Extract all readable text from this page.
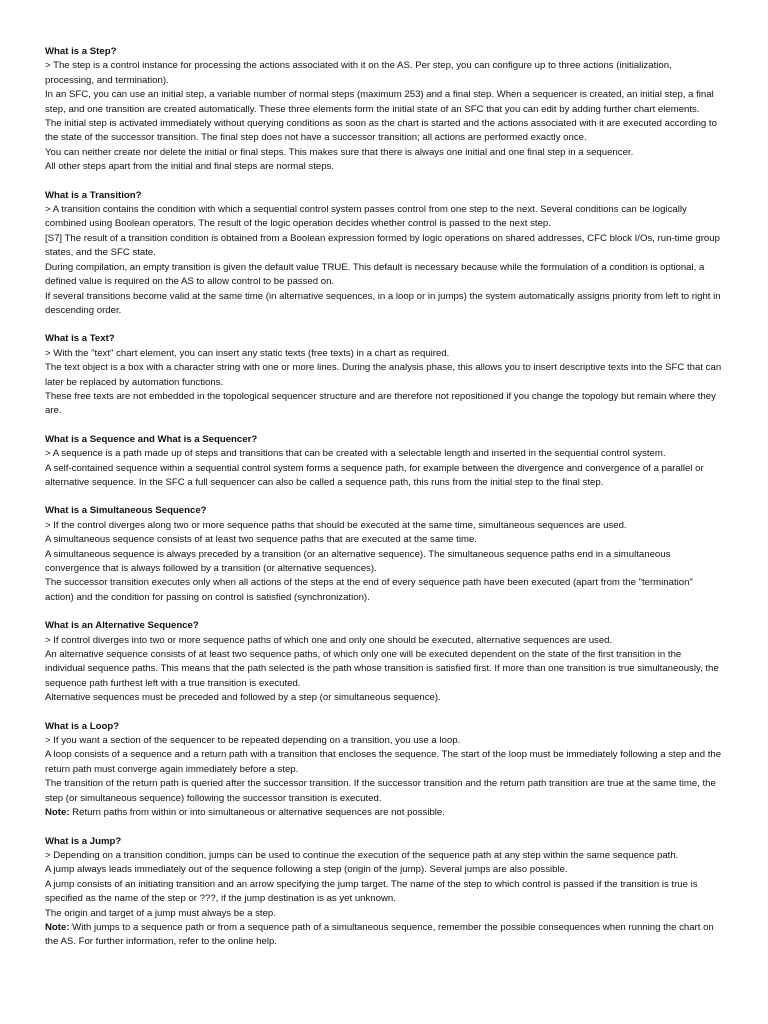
What is a Step?

> The step is a control instance for processing the actions associated with it on the AS. Per step, you can configure up to three actions (initialization, processing, and termination).

In an SFC, you can use an initial step, a variable number of normal steps (maximum 253) and a final step. When a sequencer is created, an initial step, a final step, and one transition are created automatically. These three elements form the initial state of an SFC that you can edit by adding further chart elements.

The initial step is activated immediately without querying conditions as soon as the chart is started and the actions associated with it are executed according to the state of the successor transition. The final step does not have a successor transition; all actions are performed exactly once.

You can neither create nor delete the initial or final steps. This makes sure that there is always one initial and one final step in a sequencer.

All other steps apart from the initial and final steps are normal steps.

What is a Transition?

> A transition contains the condition with which a sequential control system passes control from one step to the next. Several conditions can be logically combined using Boolean operators. The result of the logic operation decides whether control is passed to the next step.

[S7] The result of a transition condition is obtained from a Boolean expression formed by logic operations on shared addresses, CFC block I/Os, run-time group states, and the SFC state.

During compilation, an empty transition is given the default value TRUE. This default is necessary because while the formulation of a condition is optional, a defined value is required on the AS to allow control to be passed on.

If several transitions become valid at the same time (in alternative sequences, in a loop or in jumps) the system automatically assigns priority from left to right in descending order.

What is a Text?

> With the "text" chart element, you can insert any static texts (free texts) in a chart as required.

The text object is a box with a character string with one or more lines. During the analysis phase, this allows you to insert descriptive texts into the SFC that can later be replaced by automation functions.

These free texts are not embedded in the topological sequencer structure and are therefore not repositioned if you change the topology but remain where they are.

What is a Sequence and What is a Sequencer?

> A sequence is a path made up of steps and transitions that can be created with a selectable length and inserted in the sequential control system.

A self-contained sequence within a sequential control system forms a sequence path, for example between the divergence and convergence of a parallel or alternative sequence. In the SFC a full sequencer can also be called a sequence path, this runs from the initial step to the final step.

What is a Simultaneous Sequence?

> If the control diverges along two or more sequence paths that should be executed at the same time, simultaneous sequences are used.

A simultaneous sequence consists of at least two sequence paths that are executed at the same time.

A simultaneous sequence is always preceded by a transition (or an alternative sequence). The simultaneous sequence paths end in a simultaneous convergence that is always followed by a transition (or alternative sequences).

The successor transition executes only when all actions of the steps at the end of every sequence path have been executed (apart from the "termination" action) and the condition for passing on control is satisfied (synchronization).

What is an Alternative Sequence?

> If control diverges into two or more sequence paths of which one and only one should be executed, alternative sequences are used.

An alternative sequence consists of at least two sequence paths, of which only one will be executed dependent on the state of the first transition in the individual sequence paths. This means that the path selected is the path whose transition is satisfied first. If more than one transition is true simultaneously, the sequence path furthest left with a true transition is executed.

Alternative sequences must be preceded and followed by a step (or simultaneous sequence).

What is a Loop?

> If you want a section of the sequencer to be repeated depending on a transition, you use a loop.

A loop consists of a sequence and a return path with a transition that encloses the sequence. The start of the loop must be immediately following a step and the return path must converge again immediately before a step.

The transition of the return path is queried after the successor transition. If the successor transition and the return path transition are true at the same time, the step (or simultaneous sequence) following the successor transition is executed.

Note: Return paths from within or into simultaneous or alternative sequences are not possible.

What is a Jump?

> Depending on a transition condition, jumps can be used to continue the execution of the sequence path at any step within the same sequence path.

A jump always leads immediately out of the sequence following a step (origin of the jump). Several jumps are also possible.

A jump consists of an initiating transition and an arrow specifying the jump target. The name of the step to which control is passed if the transition is true is specified as the name of the step or ???, if the jump destination is as yet unknown.

The origin and target of a jump must always be a step.

Note: With jumps to a sequence path or from a sequence path of a simultaneous sequence, remember the possible consequences when running the chart on the AS. For further information, refer to the online help.
